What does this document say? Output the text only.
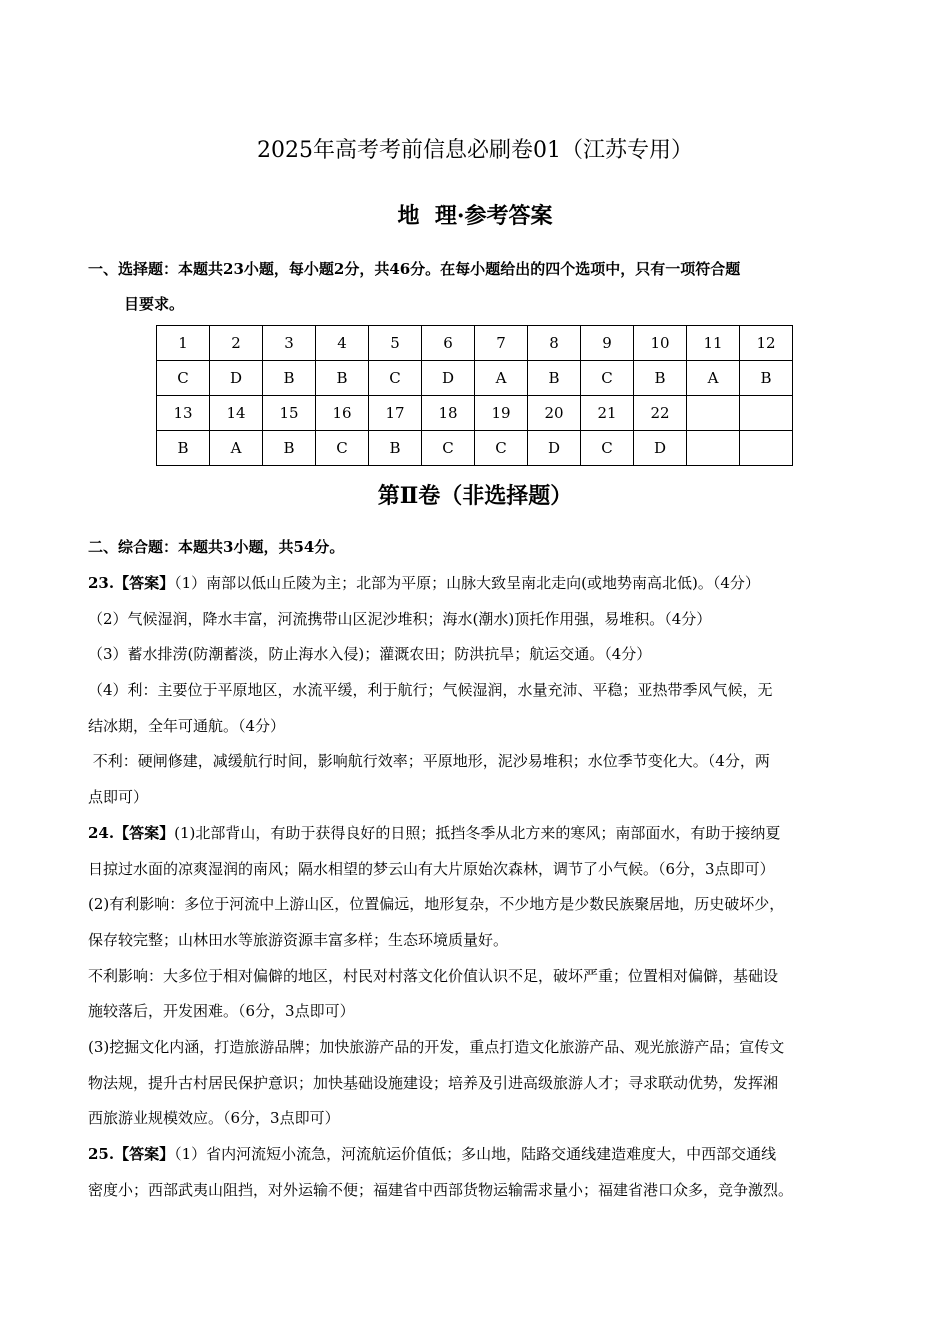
2025年高考考前信息必刷卷01（江苏专用）
地  理·参考答案
一、选择题：本题共23小题，每小题2分，共46分。在每小题给出的四个选项中，只有一项符合题
目要求。
1	2	3	4	5	6	7	8	9	10	11	12
C	D	B	B	C	D	A	B	C	B	A	B
13	14	15	16	17	18	19	20	21	22		
B	A	B	C	B	C	C	D	C	D		
第Ⅱ卷（非选择题）
二、综合题：本题共3小题，共54分。
23.【答案】（1）南部以低山丘陵为主；北部为平原；山脉大致呈南北走向(或地势南高北低)。（4分）
（2）气候湿润，降水丰富，河流携带山区泥沙堆积；海水(潮水)顶托作用强，易堆积。（4分）
（3）蓄水排涝(防潮蓄淡，防止海水入侵)；灌溉农田；防洪抗旱；航运交通。（4分）
（4）利：主要位于平原地区，水流平缓，利于航行；气候湿润，水量充沛、平稳；亚热带季风气候，无
结冰期，全年可通航。（4分）
不利：硬闸修建，减缓航行时间，影响航行效率；平原地形，泥沙易堆积；水位季节变化大。（4分，两
点即可）
24.【答案】(1)北部背山，有助于获得良好的日照；抵挡冬季从北方来的寒风；南部面水，有助于接纳夏
日掠过水面的凉爽湿润的南风；隔水相望的梦云山有大片原始次森林，调节了小气候。（6分，3点即可）
(2)有利影响：多位于河流中上游山区，位置偏远，地形复杂，不少地方是少数民族聚居地，历史破坏少，
保存较完整；山林田水等旅游资源丰富多样；生态环境质量好。
不利影响：大多位于相对偏僻的地区，村民对村落文化价值认识不足，破坏严重；位置相对偏僻，基础设
施较落后，开发困难。（6分，3点即可）
(3)挖掘文化内涵，打造旅游品牌；加快旅游产品的开发，重点打造文化旅游产品、观光旅游产品；宣传文
物法规，提升古村居民保护意识；加快基础设施建设；培养及引进高级旅游人才；寻求联动优势，发挥湘
西旅游业规模效应。（6分，3点即可）
25.【答案】（1）省内河流短小流急，河流航运价值低；多山地，陆路交通线建造难度大，中西部交通线
密度小；西部武夷山阻挡，对外运输不便；福建省中西部货物运输需求量小；福建省港口众多，竞争激烈。
